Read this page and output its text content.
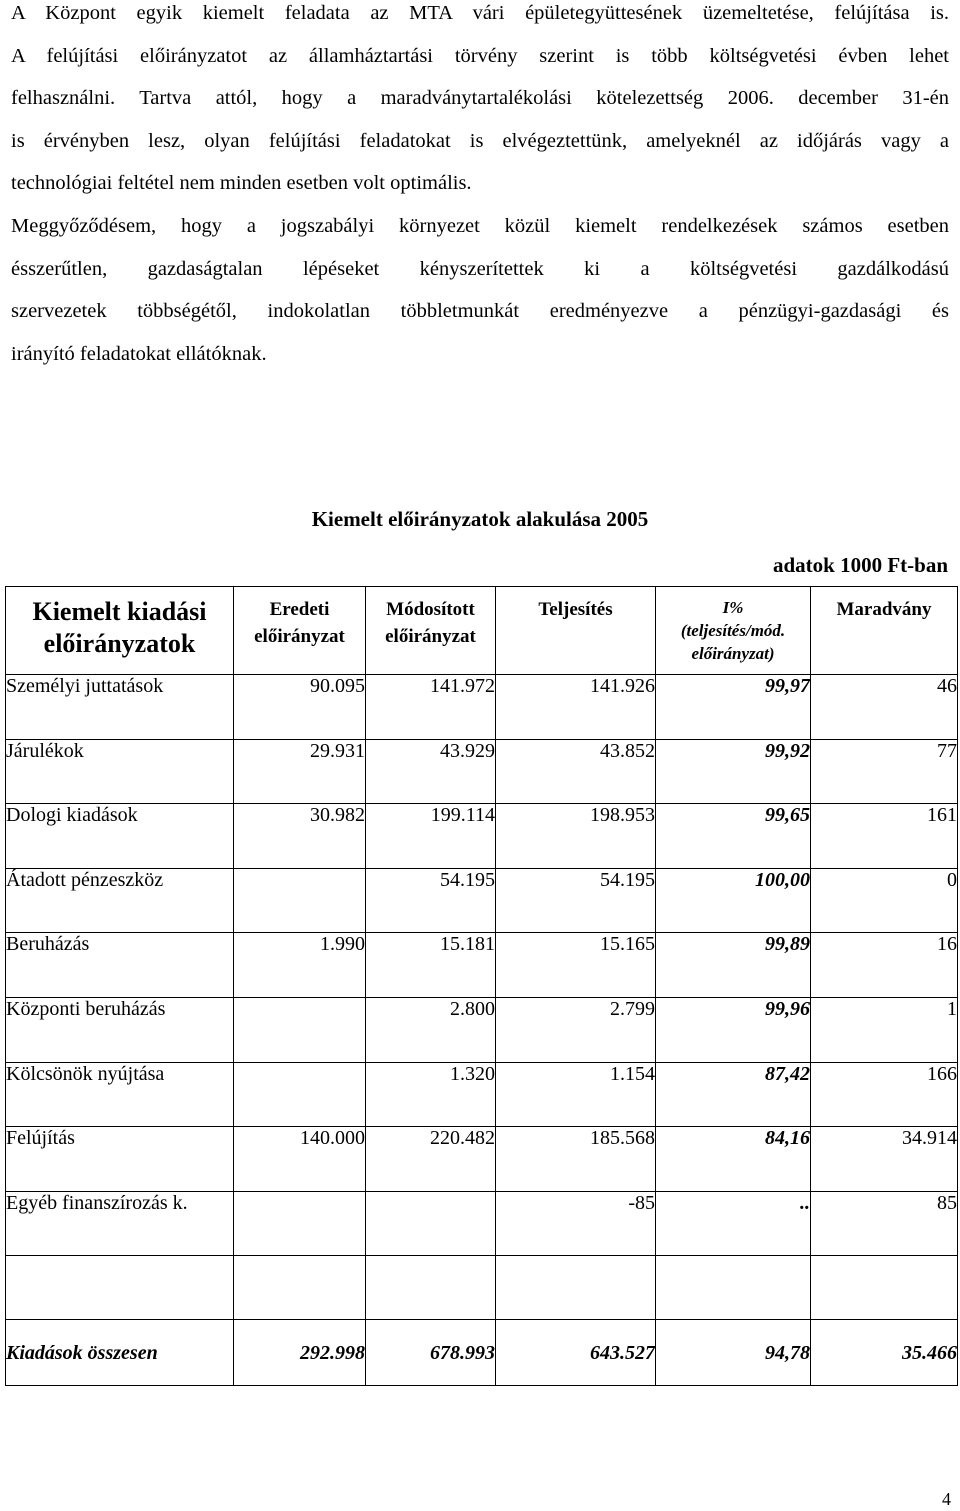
A Központ egyik kiemelt feladata az MTA vári épületegyüttesének üzemeltetése, felújítása is.
A felújítási előirányzatot az államháztartási törvény szerint is több költségvetési évben lehet
felhasználni. Tartva attól, hogy a maradványtartalékolási kötelezettség 2006. december 31-én
is érvényben lesz, olyan felújítási feladatokat is elvégeztettünk, amelyeknél az időjárás vagy a
technológiai feltétel nem minden esetben volt optimális.
Meggyőződésem, hogy a jogszabályi környezet közül kiemelt rendelkezések számos esetben
ésszerűtlen, gazdaságtalan lépéseket kényszerítettek ki a költségvetési gazdálkodású
szervezetek többségétől, indokolatlan többletmunkát eredményezve a pénzügyi-gazdasági és
irányító feladatokat ellátóknak.
Kiemelt előirányzatok alakulása 2005
adatok 1000 Ft-ban
Kiemelt kiadási előirányzatok	Eredeti előirányzat	Módosított előirányzat	Teljesítés	I%
(teljesítés/mód.
előirányzat)	Maradvány
Személyi juttatások	90.095	141.972	141.926	99,97	46
Járulékok	29.931	43.929	43.852	99,92	77
Dologi kiadások	30.982	199.114	198.953	99,65	161
Átadott pénzeszköz		54.195	54.195	100,00	0
Beruházás	1.990	15.181	15.165	99,89	16
Központi beruházás		2.800	2.799	99,96	1
Kölcsönök nyújtása		1.320	1.154	87,42	166
Felújítás	140.000	220.482	185.568	84,16	34.914
Egyéb finanszírozás k.			-85	..	85

Kiadások összesen	292.998	678.993	643.527	94,78	35.466
4
